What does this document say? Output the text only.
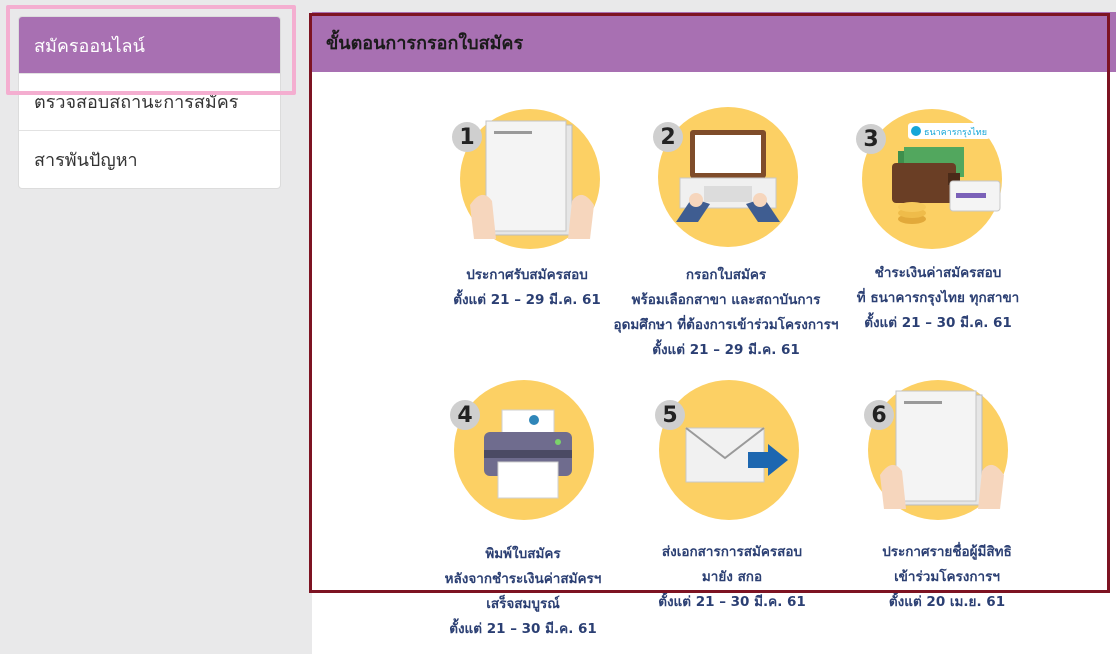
สมัครออนไลน์
ตรวจสอบสถานะการสมัคร
สารพันปัญหา
ขั้นตอนการกรอกใบสมัคร
1
ประกาศรับสมัครสอบ
ตั้งแต่ 21 – 29 มี.ค. 61
2
กรอกใบสมัคร
พร้อมเลือกสาขา และสถาบันการ
อุดมศึกษา ที่ต้องการเข้าร่วมโครงการฯ
ตั้งแต่ 21 – 29 มี.ค. 61
ธนาคารกรุงไทย
3
ชำระเงินค่าสมัครสอบ
ที่ ธนาคารกรุงไทย ทุกสาขา
ตั้งแต่ 21 – 30 มี.ค. 61
4
พิมพ์ใบสมัคร
หลังจากชำระเงินค่าสมัครฯ
เสร็จสมบูรณ์
ตั้งแต่ 21 – 30 มี.ค. 61
5
ส่งเอกสารการสมัครสอบ
มายัง สกอ
ตั้งแต่ 21 – 30 มี.ค. 61
6
ประกาศรายชื่อผู้มีสิทธิ
เข้าร่วมโครงการฯ
ตั้งแต่ 20 เม.ย. 61
